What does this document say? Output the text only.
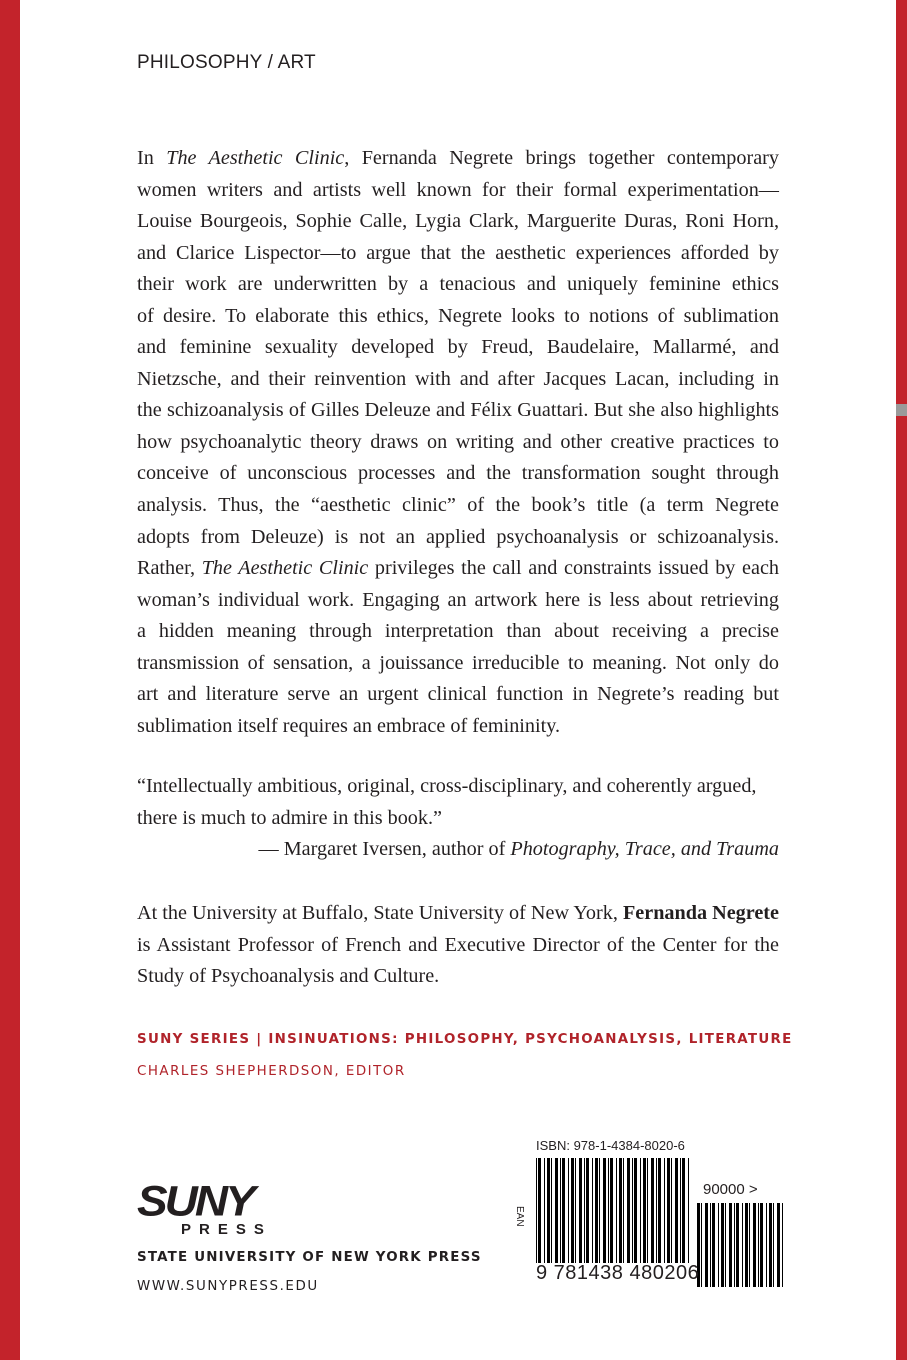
PHILOSOPHY / ART
In The Aesthetic Clinic, Fernanda Negrete brings together contemporary
women writers and artists well known for their formal experimentation—
Louise Bourgeois, Sophie Calle, Lygia Clark, Marguerite Duras, Roni Horn,
and Clarice Lispector—to argue that the aesthetic experiences afforded by
their work are underwritten by a tenacious and uniquely feminine ethics
of desire. To elaborate this ethics, Negrete looks to notions of sublimation
and feminine sexuality developed by Freud, Baudelaire, Mallarmé, and
Nietzsche, and their reinvention with and after Jacques Lacan, including in
the schizoanalysis of Gilles Deleuze and Félix Guattari. But she also highlights
how psychoanalytic theory draws on writing and other creative practices to
conceive of unconscious processes and the transformation sought through
analysis. Thus, the “aesthetic clinic” of the book’s title (a term Negrete
adopts from Deleuze) is not an applied psychoanalysis or schizoanalysis.
Rather, The Aesthetic Clinic privileges the call and constraints issued by each
woman’s individual work. Engaging an artwork here is less about retrieving
a hidden meaning through interpretation than about receiving a precise
transmission of sensation, a jouissance irreducible to meaning. Not only do
art and literature serve an urgent clinical function in Negrete’s reading but
sublimation itself requires an embrace of femininity.
“Intellectually ambitious, original, cross-disciplinary, and coherently argued,
there is much to admire in this book.”
— Margaret Iversen, author of Photography, Trace, and Trauma
At the University at Buffalo, State University of New York, Fernanda Negrete
is Assistant Professor of French and Executive Director of the Center for the
Study of Psychoanalysis and Culture.
SUNY SERIES | INSINUATIONS: PHILOSOPHY, PSYCHOANALYSIS, LITERATURE
CHARLES SHEPHERDSON, EDITOR
SUNY
PRESS
STATE UNIVERSITY OF NEW YORK PRESS
WWW.SUNYPRESS.EDU
ISBN: 978-1-4384-8020-6
EAN
9 781438 480206
90000 >
